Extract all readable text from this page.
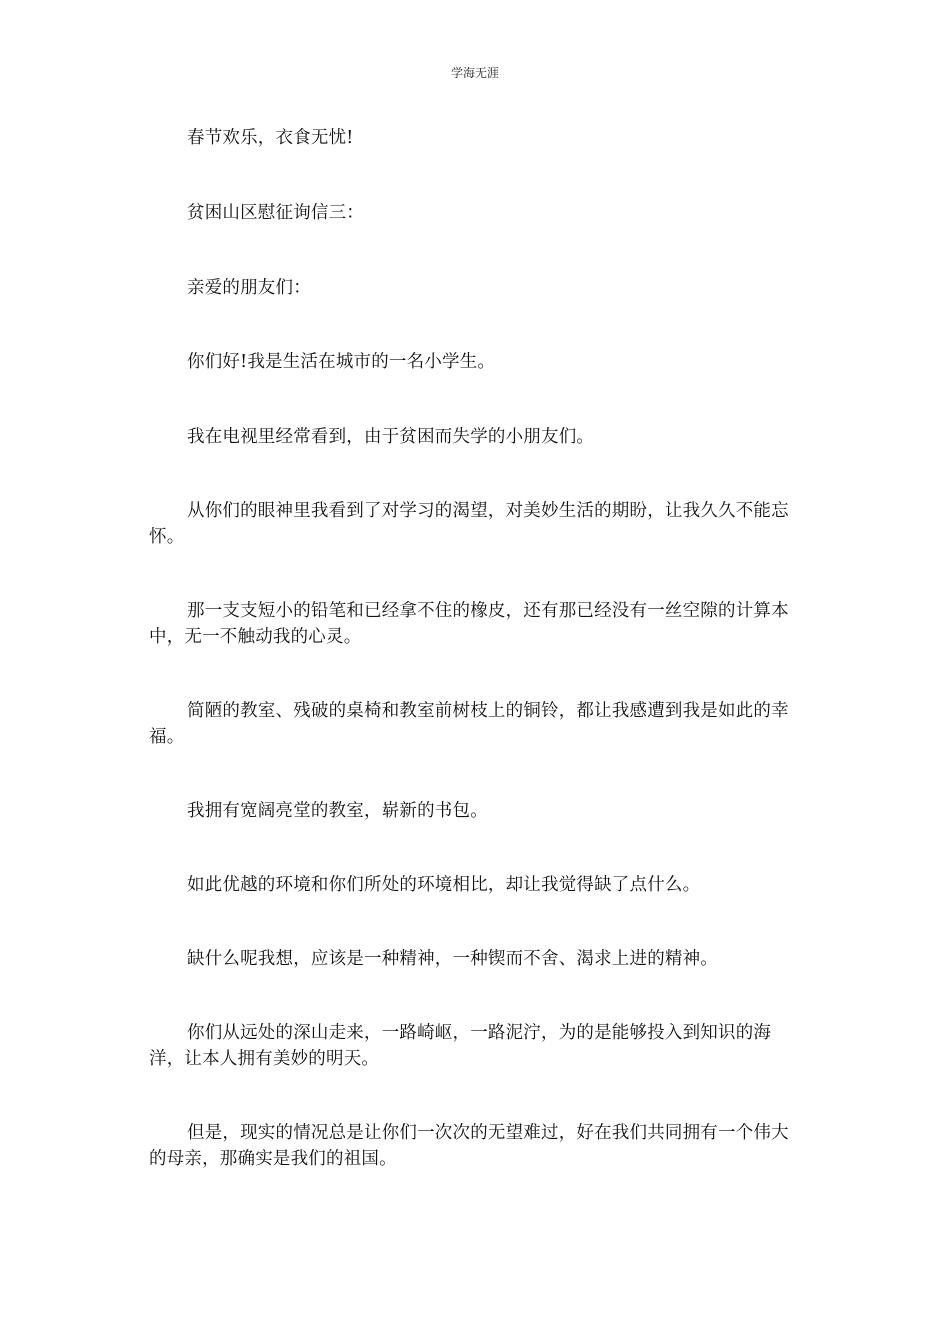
学海无涯

春节欢乐，衣食无忧!

贫困山区慰征询信三：

亲爱的朋友们：

你们好!我是生活在城市的一名小学生。

我在电视里经常看到，由于贫困而失学的小朋友们。

从你们的眼神里我看到了对学习的渴望，对美妙生活的期盼，让我久久不能忘怀。

那一支支短小的铅笔和已经拿不住的橡皮，还有那已经没有一丝空隙的计算本中，无一不触动我的心灵。

简陋的教室、残破的桌椅和教室前树枝上的铜铃，都让我感遭到我是如此的幸福。

我拥有宽阔亮堂的教室，崭新的书包。

如此优越的环境和你们所处的环境相比，却让我觉得缺了点什么。

缺什么呢我想，应该是一种精神，一种锲而不舍、渴求上进的精神。

你们从远处的深山走来，一路崎岖，一路泥泞，为的是能够投入到知识的海洋，让本人拥有美妙的明天。

但是，现实的情况总是让你们一次次的无望难过，好在我们共同拥有一个伟大的母亲，那确实是我们的祖国。
